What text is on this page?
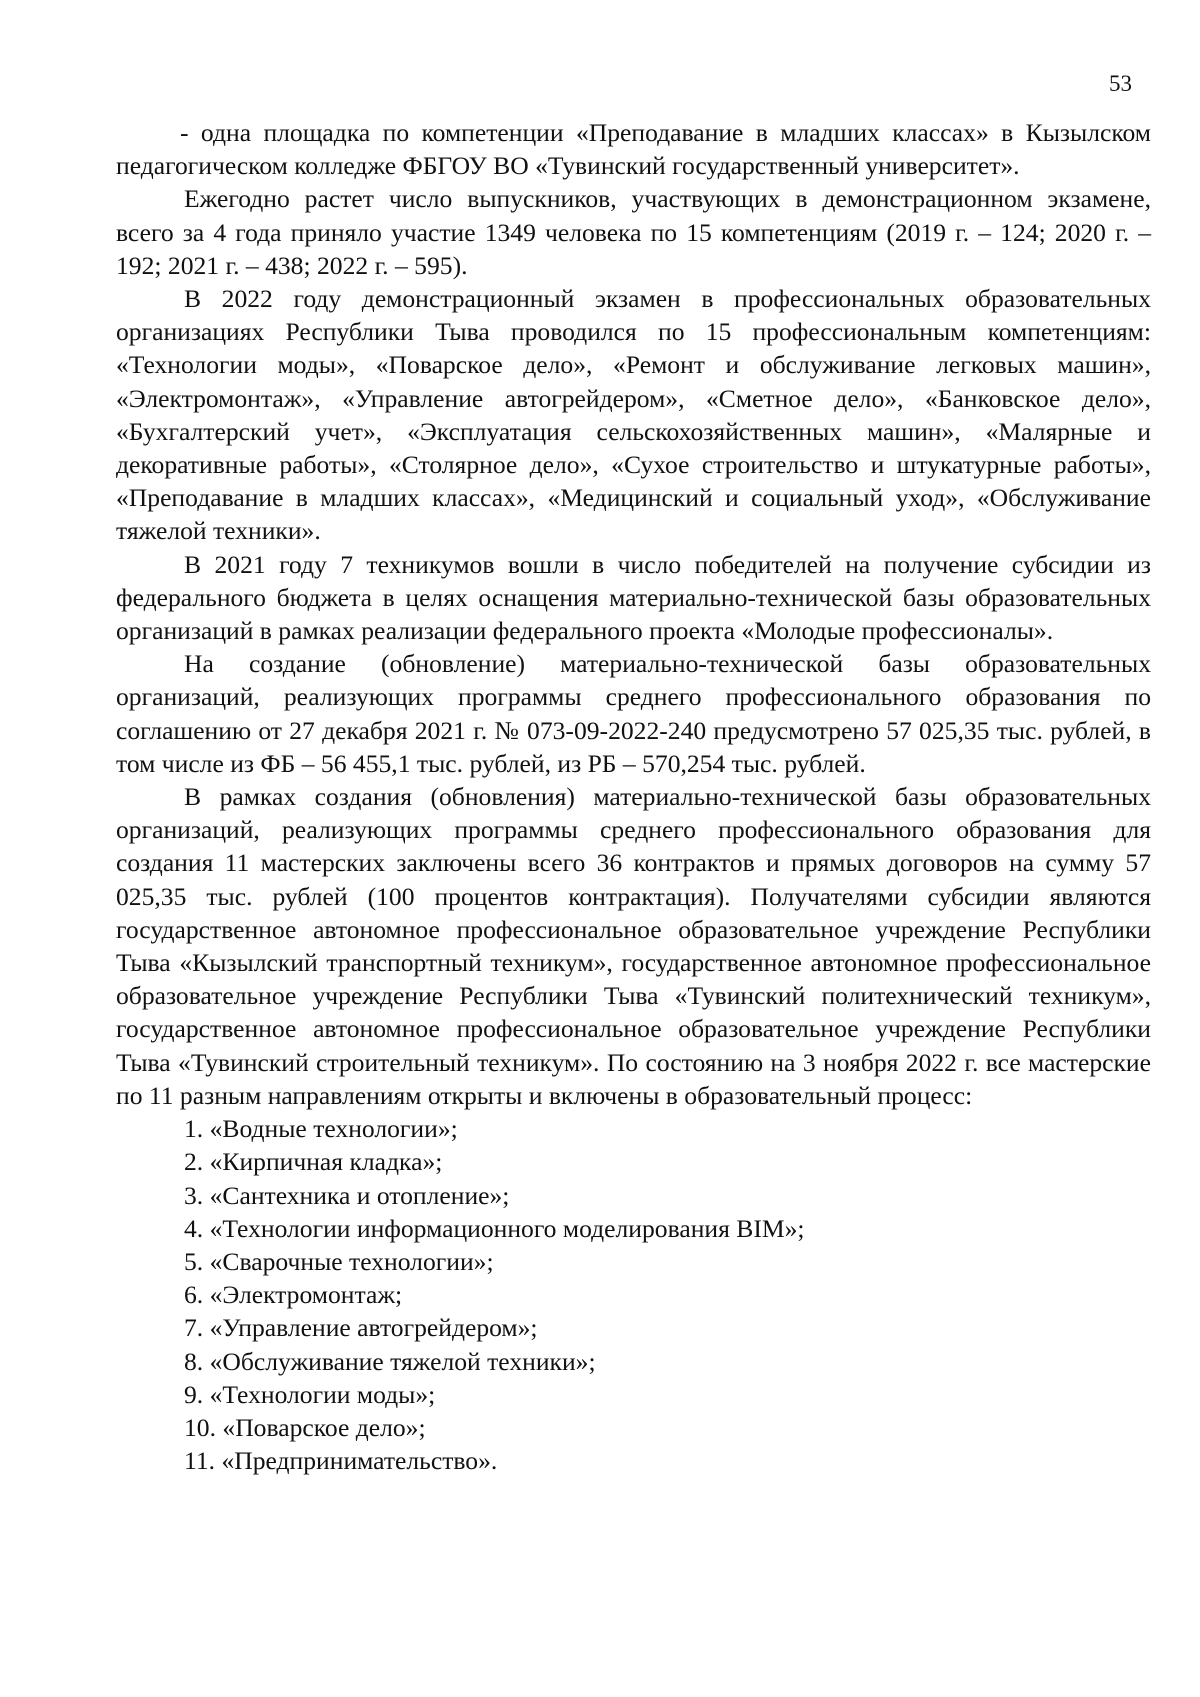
53

- одна площадка по компетенции «Преподавание в младших классах» в Кызылском педагогическом колледже ФБГОУ ВО «Тувинский государственный университет».

Ежегодно растет число выпускников, участвующих в демонстрационном экзамене, всего за 4 года приняло участие 1349 человека по 15 компетенциям (2019 г. – 124; 2020 г. – 192; 2021 г. – 438; 2022 г. – 595).

В 2022 году демонстрационный экзамен в профессиональных образовательных организациях Республики Тыва проводился по 15 профессиональным компетенциям: «Технологии моды», «Поварское дело», «Ремонт и обслуживание легковых машин», «Электромонтаж», «Управление автогрейдером», «Сметное дело», «Банковское дело», «Бухгалтерский учет», «Эксплуатация сельскохозяйственных машин», «Малярные и декоративные работы», «Столярное дело», «Сухое строительство и штукатурные работы», «Преподавание в младших классах», «Медицинский и социальный уход», «Обслуживание тяжелой техники».

В 2021 году 7 техникумов вошли в число победителей на получение субсидии из федерального бюджета в целях оснащения материально-технической базы образовательных организаций в рамках реализации федерального проекта «Молодые профессионалы».

На создание (обновление) материально-технической базы образовательных организаций, реализующих программы среднего профессионального образования по соглашению от 27 декабря 2021 г. № 073-09-2022-240 предусмотрено 57 025,35 тыс. рублей, в том числе из ФБ – 56 455,1 тыс. рублей, из РБ – 570,254 тыс. рублей.

В рамках создания (обновления) материально-технической базы образовательных организаций, реализующих программы среднего профессионального образования для создания 11 мастерских заключены всего 36 контрактов и прямых договоров на сумму 57 025,35 тыс. рублей (100 процентов контрактация). Получателями субсидии являются государственное автономное профессиональное образовательное учреждение Республики Тыва «Кызылский транспортный техникум», государственное автономное профессиональное образовательное учреждение Республики Тыва «Тувинский политехнический техникум», государственное автономное профессиональное образовательное учреждение Республики Тыва «Тувинский строительный техникум». По состоянию на 3 ноября 2022 г. все мастерские по 11 разным направлениям открыты и включены в образовательный процесс:

1. «Водные технологии»;
2. «Кирпичная кладка»;
3. «Сантехника и отопление»;
4. «Технологии информационного моделирования BIM»;
5. «Сварочные технологии»;
6. «Электромонтаж;
7. «Управление автогрейдером»;
8. «Обслуживание тяжелой техники»;
9. «Технологии моды»;
10. «Поварское дело»;
11. «Предпринимательство».
